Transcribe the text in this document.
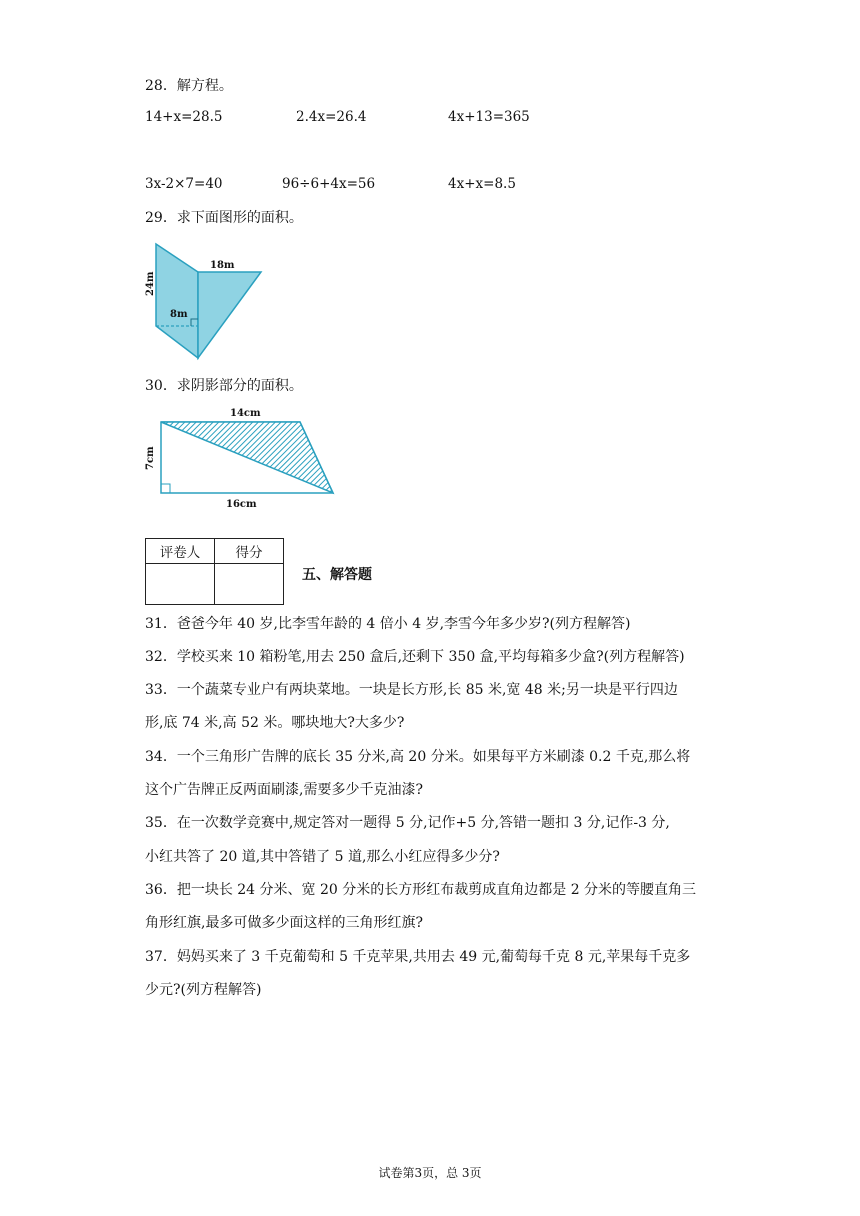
28．解方程。
14+x=28.5	2.4x=26.4	4x+13=365
3x-2×7=40	96÷6+4x=56	4x+x=8.5
29．求下面图形的面积。
18m
24m
8m
30．求阴影部分的面积。
14cm
7cm
16cm
评卷人	得分

五、解答题
31．爸爸今年 40 岁,比李雪年龄的 4 倍小 4 岁,李雪今年多少岁?(列方程解答)
32．学校买来 10 箱粉笔,用去 250 盒后,还剩下 350 盒,平均每箱多少盒?(列方程解答)
33．一个蔬菜专业户有两块菜地。一块是长方形,长 85 米,宽 48 米;另一块是平行四边
形,底 74 米,高 52 米。哪块地大?大多少?
34．一个三角形广告牌的底长 35 分米,高 20 分米。如果每平方米刷漆 0.2 千克,那么将
这个广告牌正反两面刷漆,需要多少千克油漆?
35．在一次数学竞赛中,规定答对一题得 5 分,记作+5 分,答错一题扣 3 分,记作-3 分,
小红共答了 20 道,其中答错了 5 道,那么小红应得多少分?
36．把一块长 24 分米、宽 20 分米的长方形红布裁剪成直角边都是 2 分米的等腰直角三
角形红旗,最多可做多少面这样的三角形红旗?
37．妈妈买来了 3 千克葡萄和 5 千克苹果,共用去 49 元,葡萄每千克 8 元,苹果每千克多
少元?(列方程解答)
试卷第3页，总 3页
